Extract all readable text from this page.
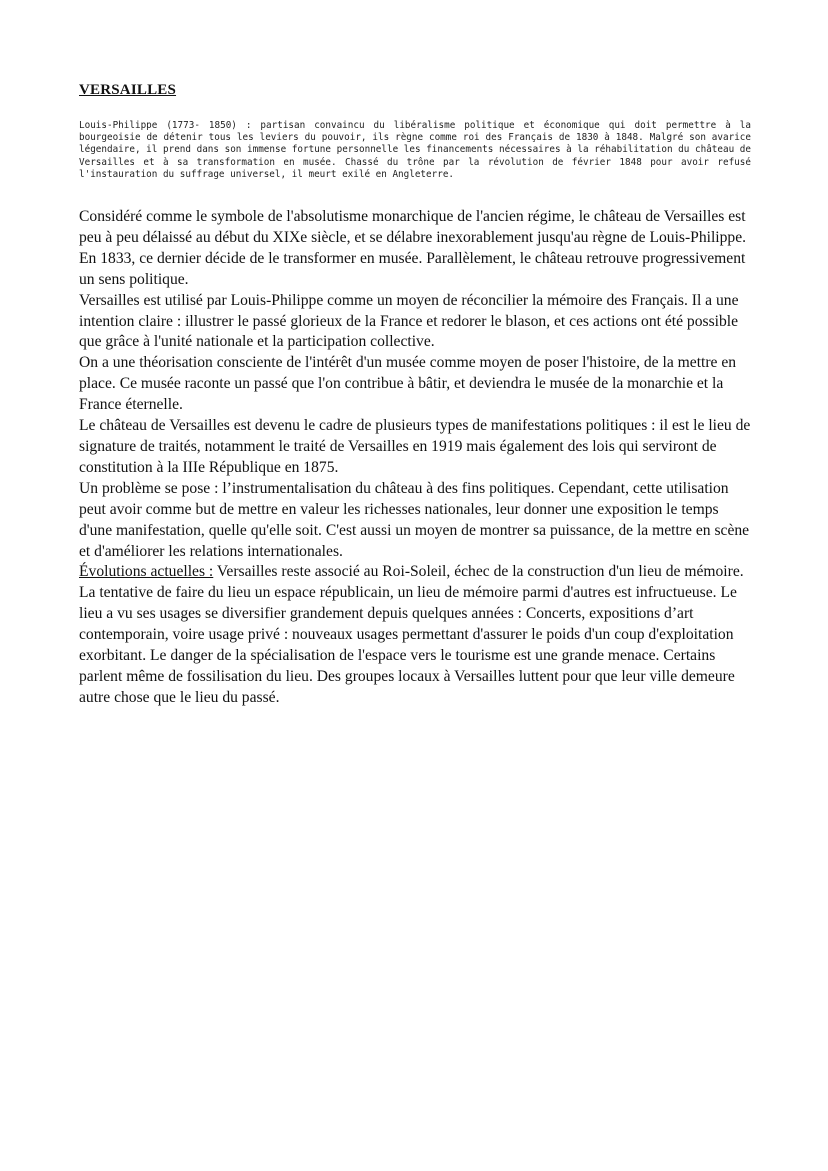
VERSAILLES

Louis-Philippe (1773- 1850) : partisan convaincu du libéralisme politique et économique qui doit permettre à la bourgeoisie de détenir tous les leviers du pouvoir, ils règne comme roi des Français de 1830 à 1848. Malgré son avarice légendaire, il prend dans son immense fortune personnelle les financements nécessaires à la réhabilitation du château de Versailles et à sa transformation en musée. Chassé du trône par la révolution de février 1848 pour avoir refusé l'instauration du suffrage universel, il meurt exilé en Angleterre.

Considéré comme le symbole de l'absolutisme monarchique de l'ancien régime, le château de Versailles est peu à peu délaissé au début du XIXe siècle, et se délabre inexorablement jusqu'au règne de Louis-Philippe. En 1833, ce dernier décide de le transformer en musée. Parallèlement, le château retrouve progressivement un sens politique.

Versailles est utilisé par Louis-Philippe comme un moyen de réconcilier la mémoire des Français. Il a une intention claire : illustrer le passé glorieux de la France et redorer le blason, et ces actions ont été possible que grâce à l'unité nationale et la participation collective.

On a une théorisation consciente de l'intérêt d'un musée comme moyen de poser l'histoire, de la mettre en place. Ce musée raconte un passé que l'on contribue à bâtir, et deviendra le musée de la monarchie et la France éternelle.

Le château de Versailles est devenu le cadre de plusieurs types de manifestations politiques : il est le lieu de signature de traités, notamment le traité de Versailles en 1919 mais également des lois qui serviront de constitution à la IIIe République en 1875.

Un problème se pose : l’instrumentalisation du château à des fins politiques. Cependant, cette utilisation peut avoir comme but de mettre en valeur les richesses nationales, leur donner une exposition le temps d'une manifestation, quelle qu'elle soit. C'est aussi un moyen de montrer sa puissance, de la mettre en scène et d'améliorer les relations internationales.

Évolutions actuelles : Versailles reste associé au Roi-Soleil, échec de la construction d'un lieu de mémoire. La tentative de faire du lieu un espace républicain, un lieu de mémoire parmi d'autres est infructueuse. Le lieu a vu ses usages se diversifier grandement depuis quelques années : Concerts, expositions d’art contemporain, voire usage privé : nouveaux usages permettant d'assurer le poids d'un coup d'exploitation exorbitant. Le danger de la spécialisation de l'espace vers le tourisme est une grande menace. Certains parlent même de fossilisation du lieu. Des groupes locaux à Versailles luttent pour que leur ville demeure autre chose que le lieu du passé.
